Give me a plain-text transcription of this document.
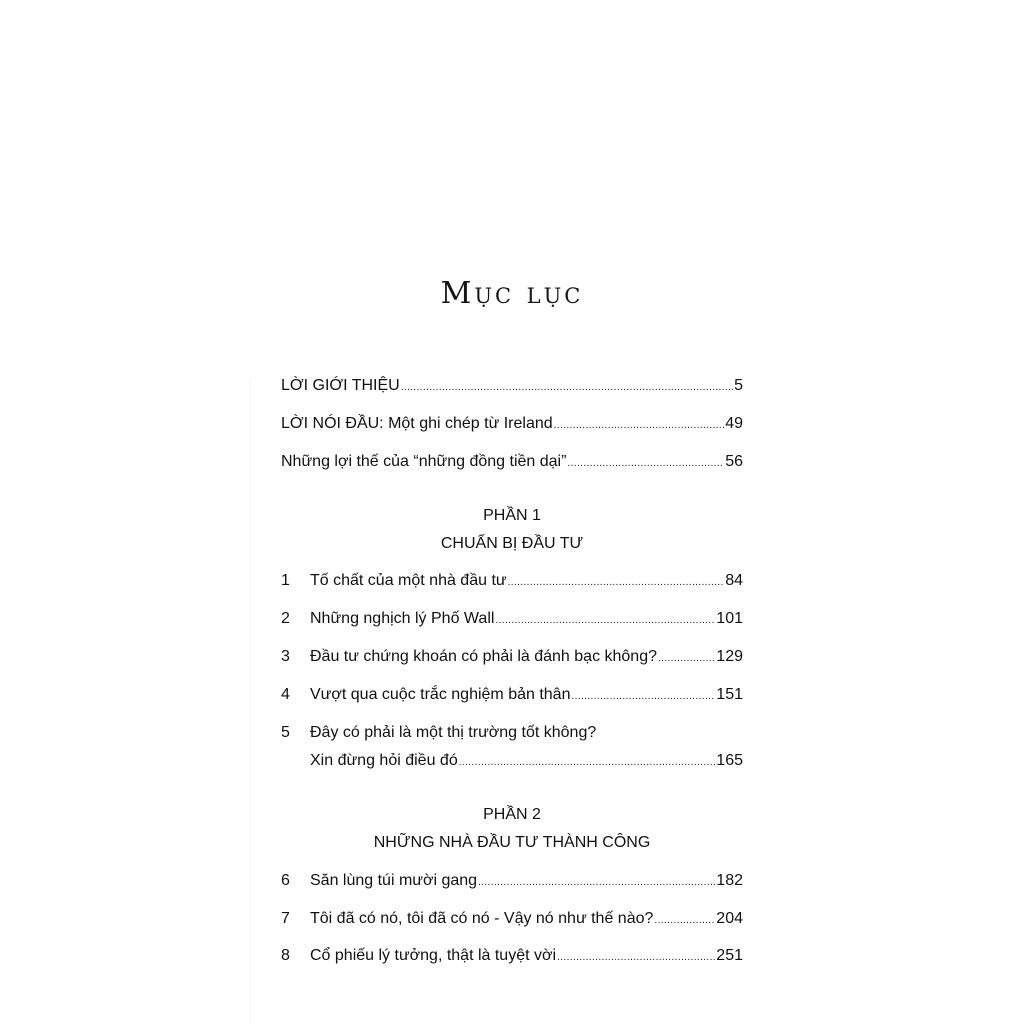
Mục lục
LỜI GIỚI THIỆU .....	5
LỜI NÓI ĐẦU: Một ghi chép từ Ireland .....	49
Những lợi thế của “những đồng tiền dại” .....	56
1	Tố chất của một nhà đầu tư .....	84
2	Những nghịch lý Phố Wall .....	101
3	Đầu tư chứng khoán có phải là đánh bạc không? .....	129
4	Vượt qua cuộc trắc nghiệm bản thân .....	151
5	Đây có phải là một thị trường tốt không?
Xin đừng hỏi điều đó .....	165
6	Săn lùng túi mười gang .....	182
7	Tôi đã có nó, tôi đã có nó - Vậy nó như thế nào? .....	204
8	Cổ phiếu lý tưởng, thật là tuyệt vời .....	251
PHẦN 1
CHUẨN BỊ ĐẦU TƯ
PHẦN 2
NHỮNG NHÀ ĐẦU TƯ THÀNH CÔNG
